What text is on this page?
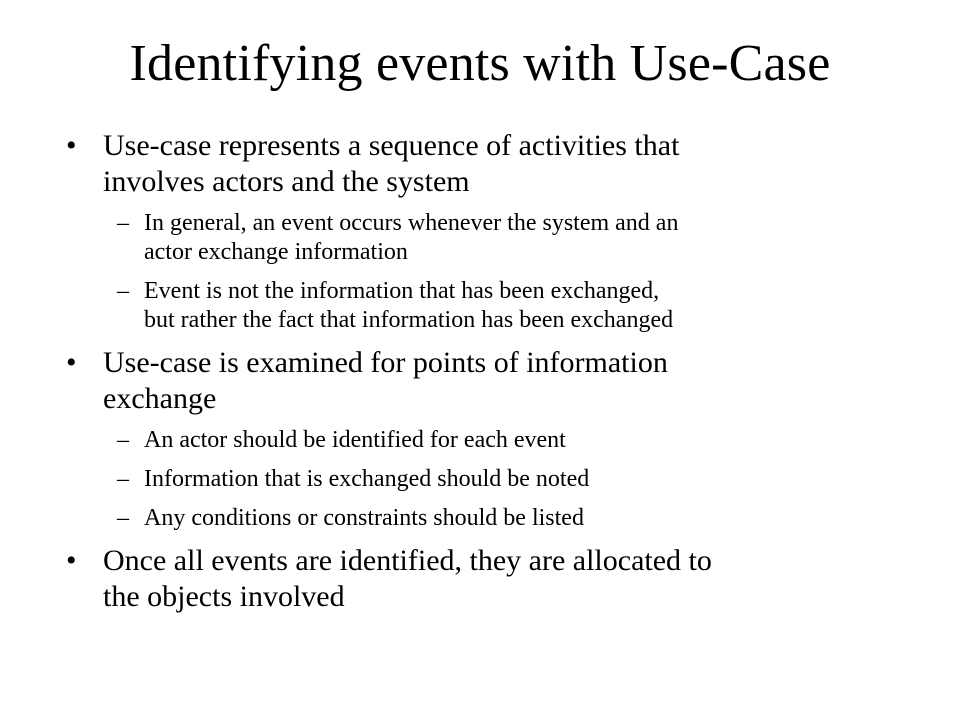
Identifying events with Use-Case
• Use-case represents a sequence of activities that
involves actors and the system
– In general, an event occurs whenever the system and an
actor exchange information
– Event is not the information that has been exchanged,
but rather the fact that information has been exchanged
• Use-case is examined for points of information
exchange
– An actor should be identified for each event
– Information that is exchanged should be noted
– Any conditions or constraints should be listed
• Once all events are identified, they are allocated to
the objects involved
